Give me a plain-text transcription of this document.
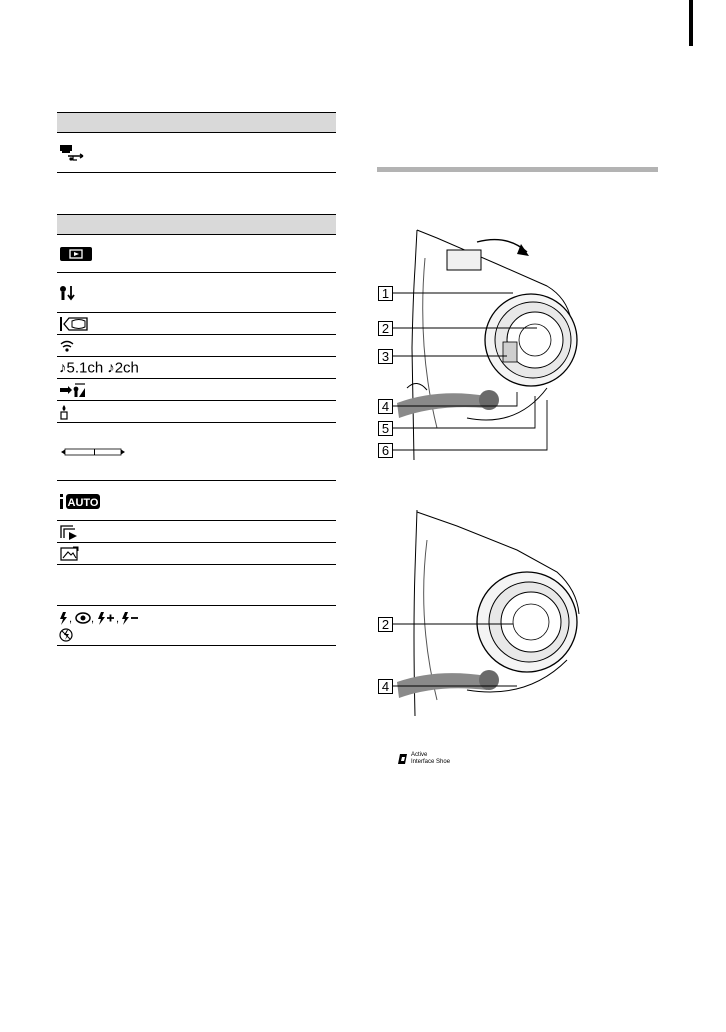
♪5.1ch ♪2ch
AUTO
, , ,
1
2
3
4
5
6
2
4
Active
Interface Shoe
